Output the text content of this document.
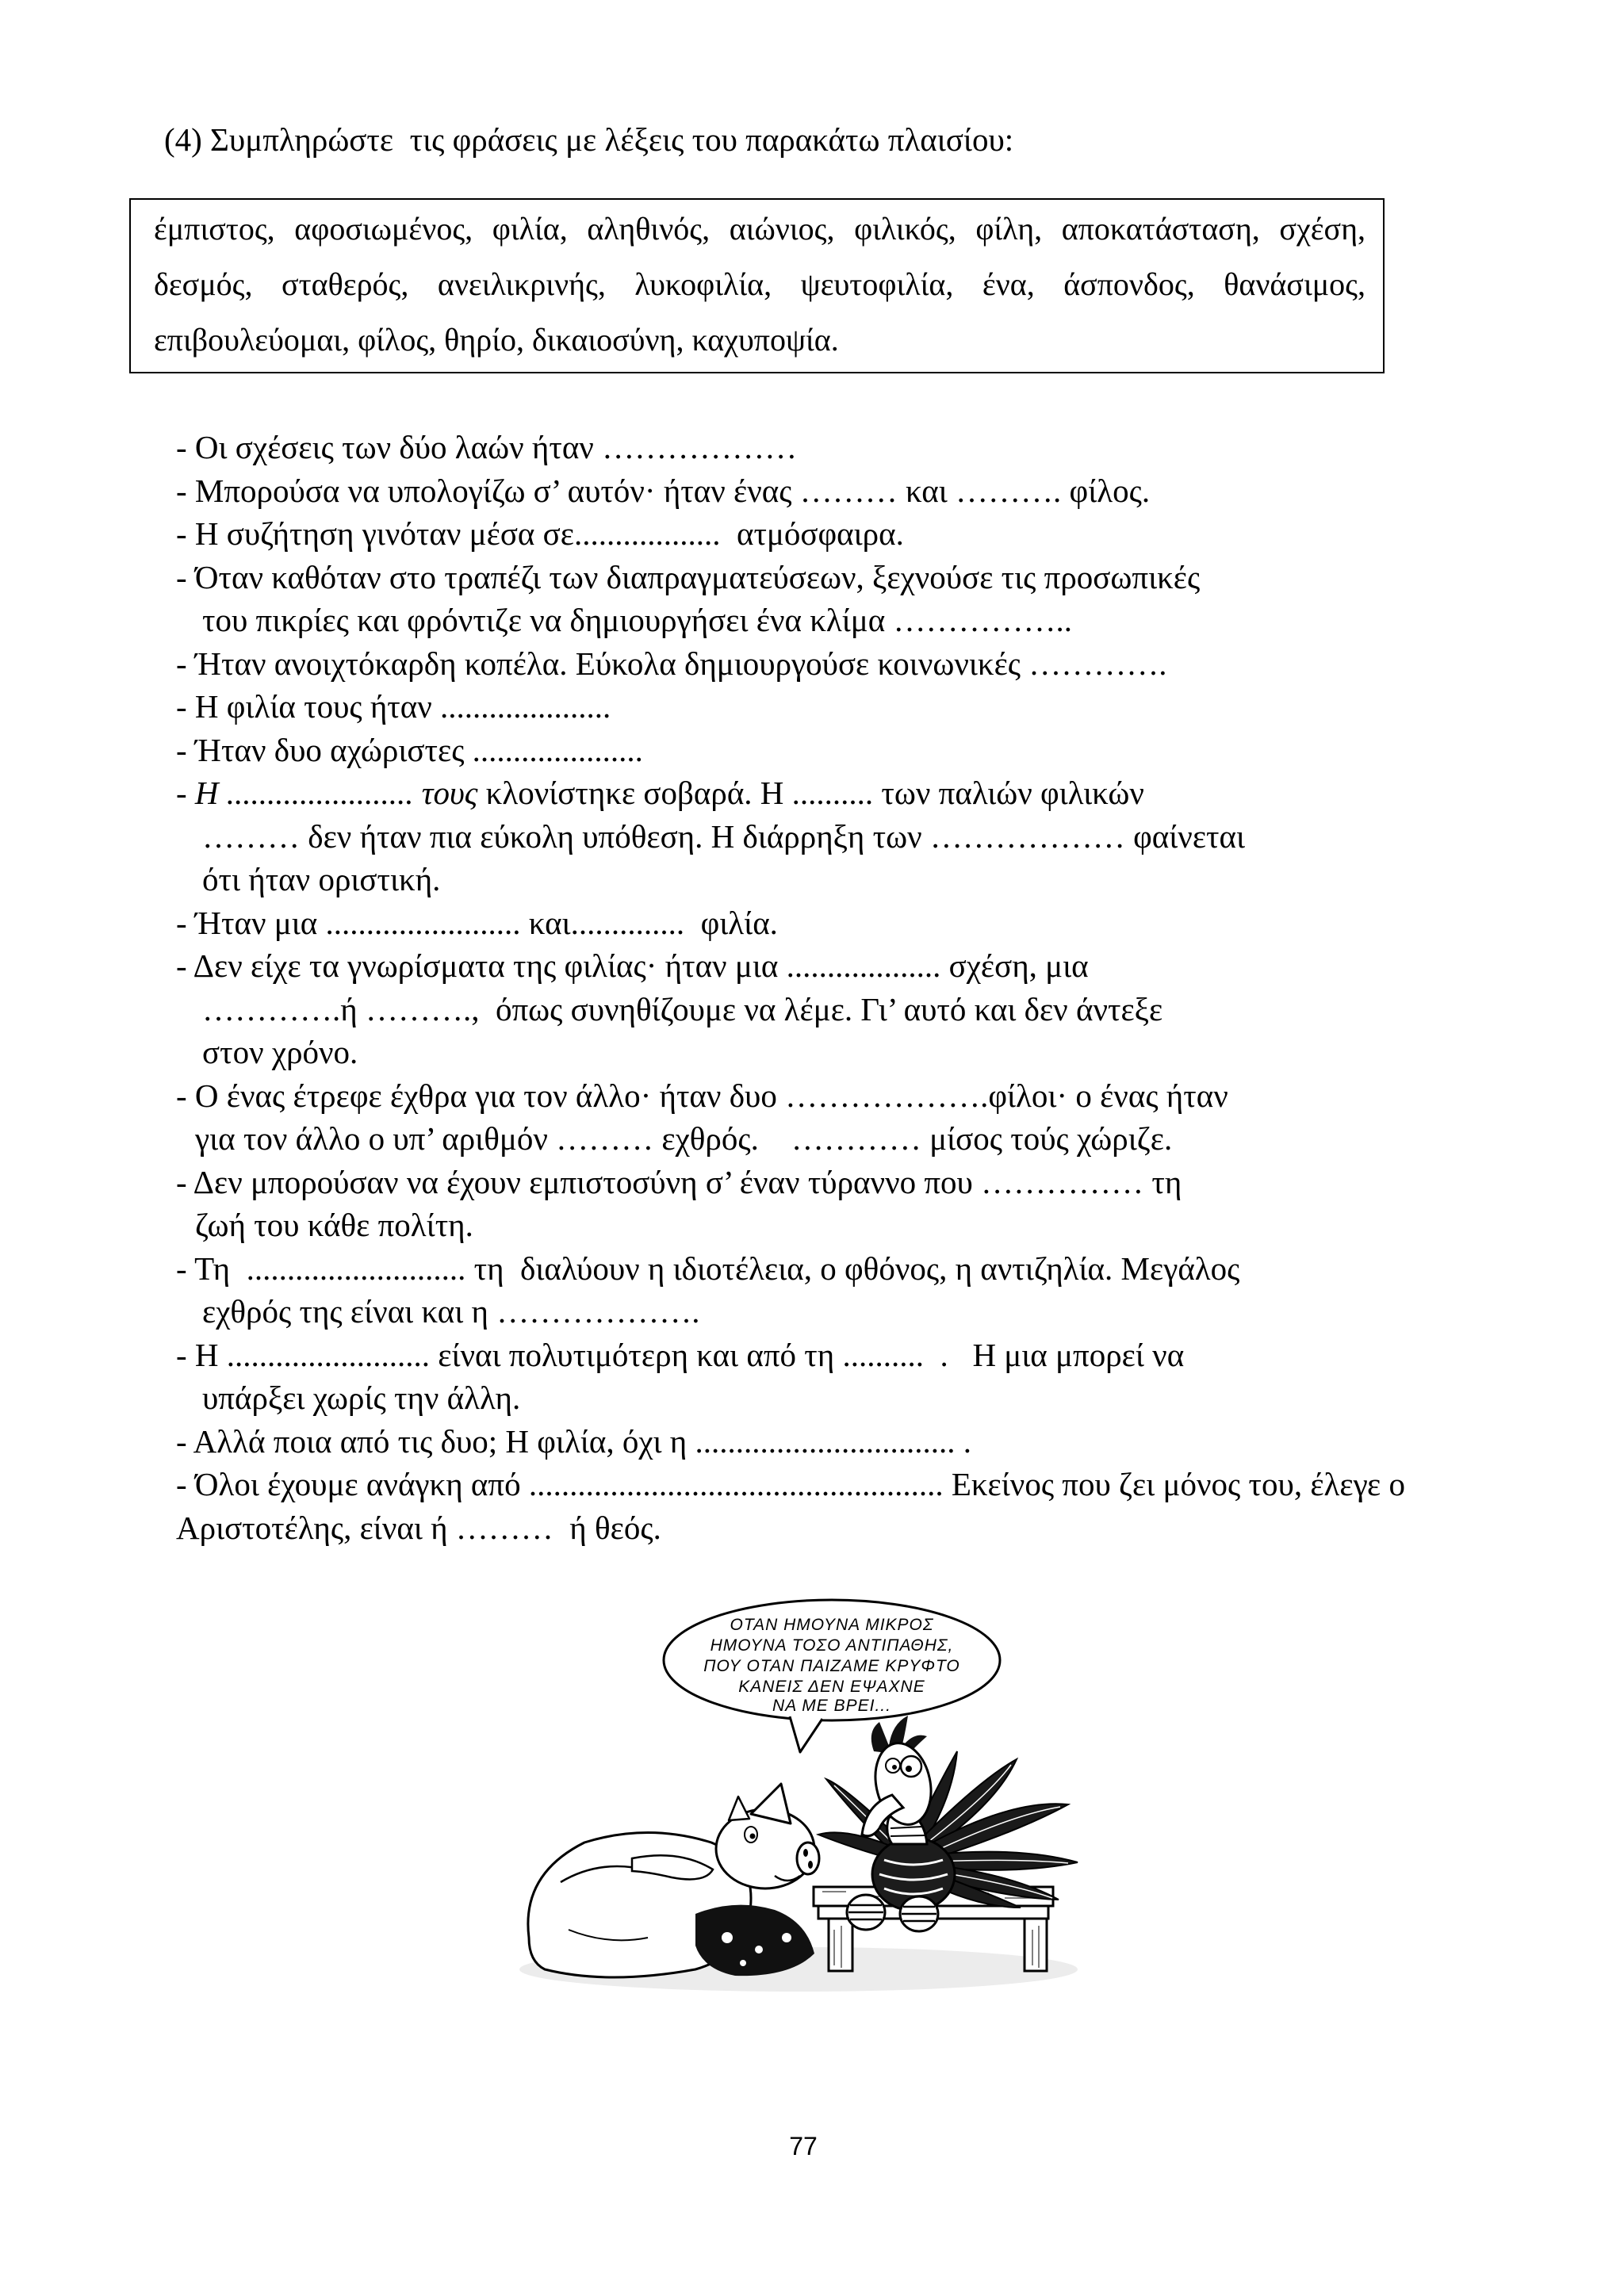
(4) Συμπληρώστε  τις φράσεις με λέξεις του παρακάτω πλαισίου:
έμπιστος, αφοσιωμένος, φιλία, αληθινός, αιώνιος, φιλικός, φίλη, αποκατάσταση, σχέση,
δεσμός, σταθερός, ανειλικρινής, λυκοφιλία, ψευτοφιλία, ένα, άσπονδος, θανάσιμος,
επιβουλεύομαι, φίλος, θηρίο, δικαιοσύνη, καχυποψία.
- Οι σχέσεις των δύο λαών ήταν ………………
- Μπορούσα να υπολογίζω σ’ αυτόν· ήταν ένας ……… και ………. φίλος.
- Η συζήτηση γινόταν μέσα σε..................  ατμόσφαιρα.
- Όταν καθόταν στο τραπέζι των διαπραγματεύσεων, ξεχνούσε τις προσωπικές
του πικρίες και φρόντιζε να δημιουργήσει ένα κλίμα ……………..
- Ήταν ανοιχτόκαρδη κοπέλα. Εύκολα δημιουργούσε κοινωνικές ………….
- Η φιλία τους ήταν .....................
- Ήταν δυο αχώριστες .....................
- Η ....................... τους κλονίστηκε σοβαρά. Η .......... των παλιών φιλικών
……… δεν ήταν πια εύκολη υπόθεση. Η διάρρηξη των ……………… φαίνεται
ότι ήταν οριστική.
- Ήταν μια ........................ και..............  φιλία.
- Δεν είχε τα γνωρίσματα της φιλίας· ήταν μια ................... σχέση, μια
………….ή ……….,  όπως συνηθίζουμε να λέμε. Γι’ αυτό και δεν άντεξε
στον χρόνο.
- Ο ένας έτρεφε έχθρα για τον άλλο· ήταν δυο ……………….φίλοι· ο ένας ήταν
για τον άλλο ο υπ’ αριθμόν ……… εχθρός.    ………… μίσος τούς χώριζε.
- Δεν μπορούσαν να έχουν εμπιστοσύνη σ’ έναν τύραννο που …………… τη
ζωή του κάθε πολίτη.
- Τη  ........................... τη  διαλύουν η ιδιοτέλεια, ο φθόνος, η αντιζηλία. Μεγάλος
εχθρός της είναι και η ……………….
- Η ......................... είναι πολυτιμότερη και από τη ..........  .   Η μια μπορεί να
υπάρξει χωρίς την άλλη.
- Αλλά ποια από τις δυο; Η φιλία, όχι η ................................ .
- Όλοι έχουμε ανάγκη από ................................................... Εκείνος που ζει μόνος του, έλεγε ο
Αριστοτέλης, είναι ή ………  ή θεός.
ΟΤΑΝ ΗΜΟΥΝΑ ΜΙΚΡΟΣ
ΗΜΟΥΝΑ ΤΟΣΟ ΑΝΤΙΠΑΘΗΣ,
ΠΟΥ ΟΤΑΝ ΠΑΙΖΑΜΕ ΚΡΥΦΤΟ
ΚΑΝΕΙΣ ΔΕΝ ΕΨΑΧΝΕ
ΝΑ ΜΕ ΒΡΕΙ...
77
